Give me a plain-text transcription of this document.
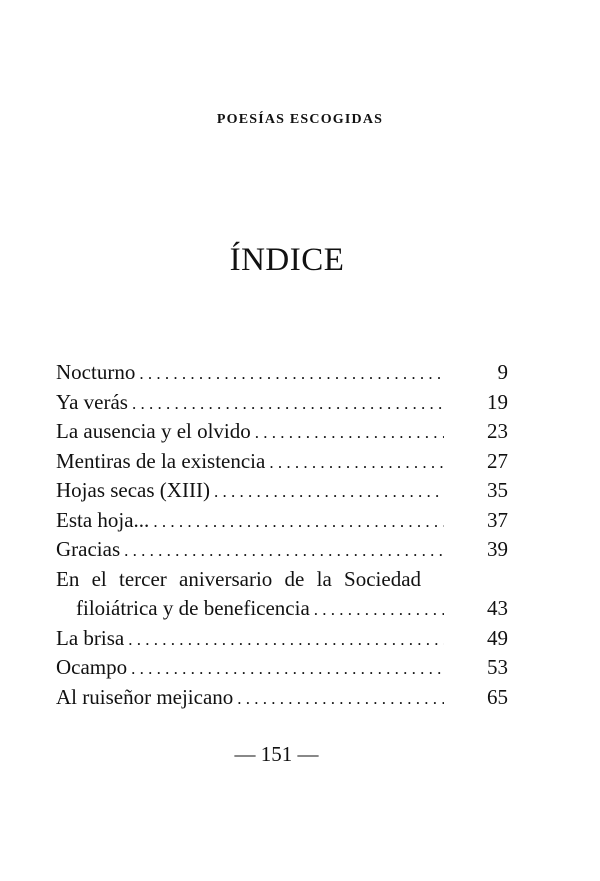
POESÍAS ESCOGIDAS
ÍNDICE
Nocturno . . .	9
Ya verás . . .	19
La ausencia y el olvido . . .	23
Mentiras de la existencia . . .	27
Hojas secas (XIII) . . .	35
Esta hoja... . . .	37
Gracias . . .	39
En el tercer aniversario de la Sociedad
filoiátrica y de beneficencia . . .	43
La brisa . . .	49
Ocampo . . .	53
Al ruiseñor mejicano . . .	65
— 151 —
